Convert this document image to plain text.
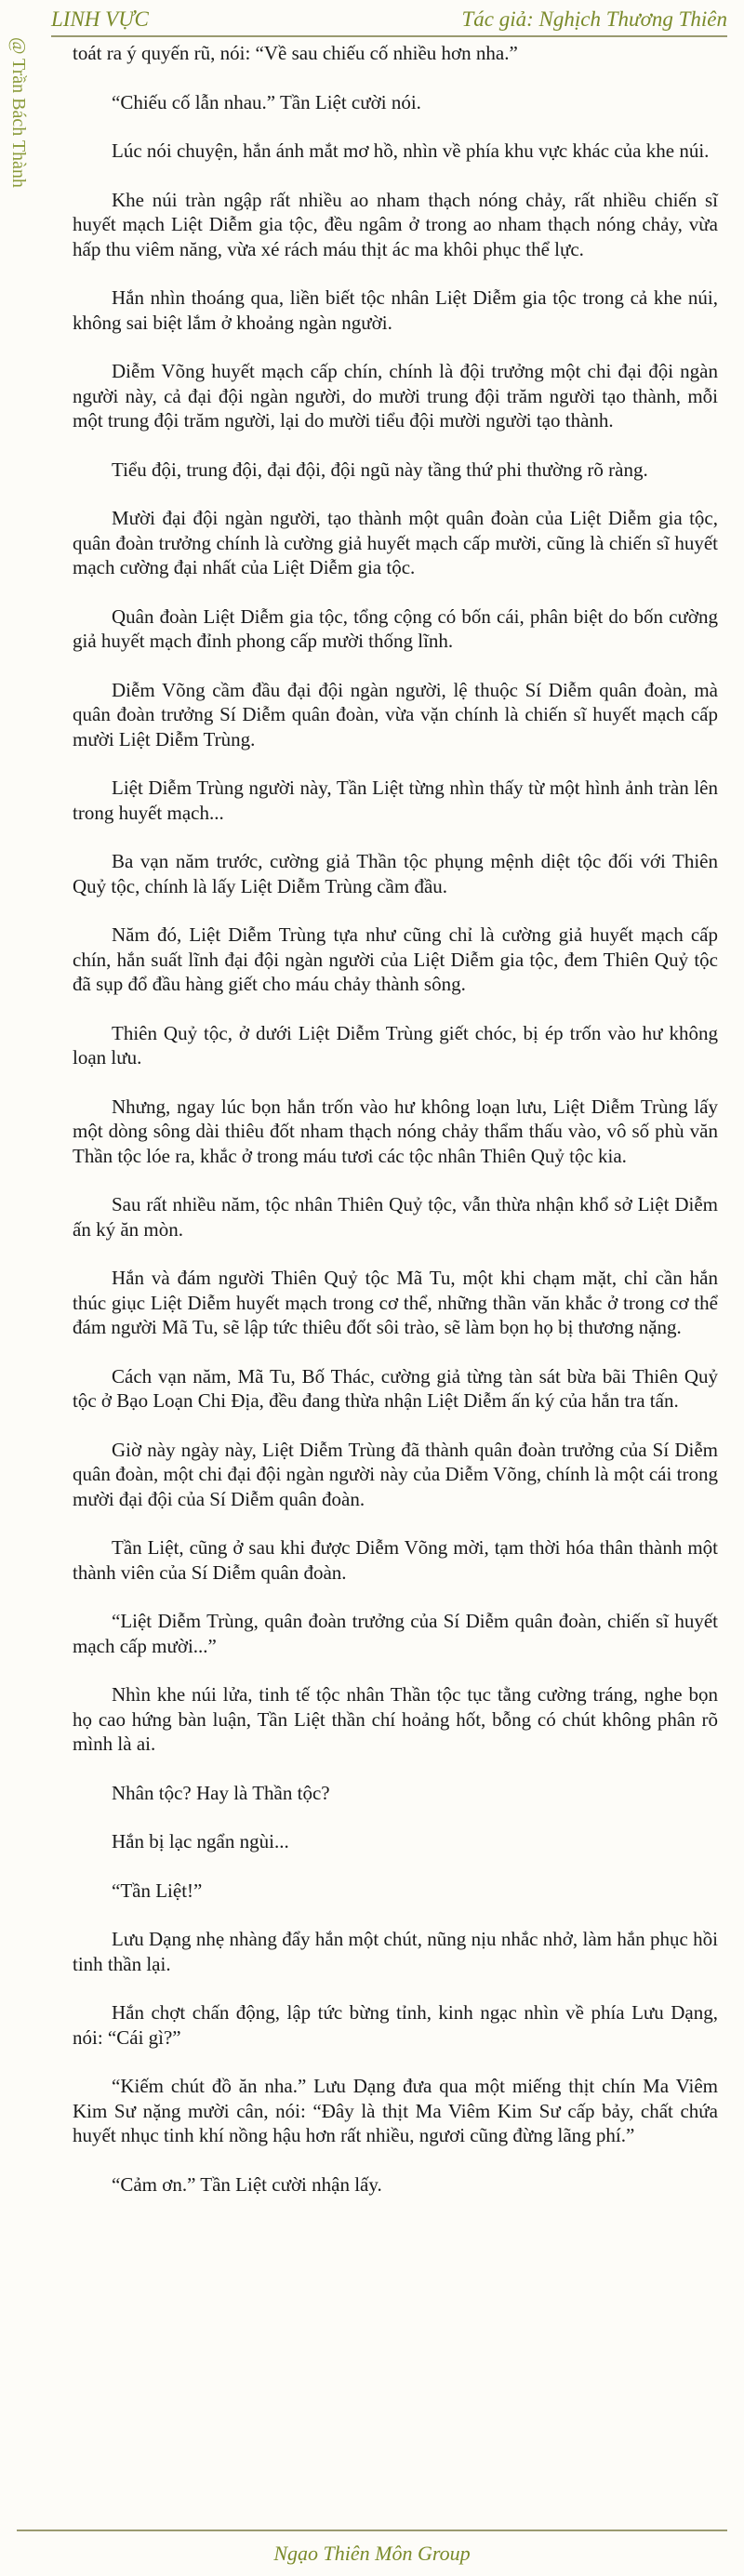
LINH VỰC	Tác giả: Nghịch Thương Thiên
@ Trần Bách Thành toát ra ý quyến rũ, nói: “Về sau chiếu cố nhiều hơn nha.”

“Chiếu cố lẫn nhau.” Tần Liệt cười nói.

Lúc nói chuyện, hắn ánh mắt mơ hồ, nhìn về phía khu vực khác của khe núi.

Khe núi tràn ngập rất nhiều ao nham thạch nóng chảy, rất nhiều chiến sĩ huyết mạch Liệt Diễm gia tộc, đều ngâm ở trong ao nham thạch nóng chảy, vừa hấp thu viêm năng, vừa xé rách máu thịt ác ma khôi phục thể lực.

Hắn nhìn thoáng qua, liền biết tộc nhân Liệt Diễm gia tộc trong cả khe núi, không sai biệt lắm ở khoảng ngàn người.

Diễm Võng huyết mạch cấp chín, chính là đội trưởng một chi đại đội ngàn người này, cả đại đội ngàn người, do mười trung đội trăm người tạo thành, mỗi một trung đội trăm người, lại do mười tiểu đội mười người tạo thành.

Tiểu đội, trung đội, đại đội, đội ngũ này tầng thứ phi thường rõ ràng.

Mười đại đội ngàn người, tạo thành một quân đoàn của Liệt Diễm gia tộc, quân đoàn trưởng chính là cường giả huyết mạch cấp mười, cũng là chiến sĩ huyết mạch cường đại nhất của Liệt Diễm gia tộc.

Quân đoàn Liệt Diễm gia tộc, tổng cộng có bốn cái, phân biệt do bốn cường giả huyết mạch đỉnh phong cấp mười thống lĩnh.

Diễm Võng cầm đầu đại đội ngàn người, lệ thuộc Sí Diễm quân đoàn, mà quân đoàn trưởng Sí Diễm quân đoàn, vừa vặn chính là chiến sĩ huyết mạch cấp mười Liệt Diễm Trùng.

Liệt Diễm Trùng người này, Tần Liệt từng nhìn thấy từ một hình ảnh tràn lên trong huyết mạch...

Ba vạn năm trước, cường giả Thần tộc phụng mệnh diệt tộc đối với Thiên Quỷ tộc, chính là lấy Liệt Diễm Trùng cầm đầu.

Năm đó, Liệt Diễm Trùng tựa như cũng chỉ là cường giả huyết mạch cấp chín, hắn suất lĩnh đại đội ngàn người của Liệt Diễm gia tộc, đem Thiên Quỷ tộc đã sụp đổ đầu hàng giết cho máu chảy thành sông.

Thiên Quỷ tộc, ở dưới Liệt Diễm Trùng giết chóc, bị ép trốn vào hư không loạn lưu.

Nhưng, ngay lúc bọn hắn trốn vào hư không loạn lưu, Liệt Diễm Trùng lấy một dòng sông dài thiêu đốt nham thạch nóng chảy thẩm thấu vào, vô số phù văn Thần tộc lóe ra, khắc ở trong máu tươi các tộc nhân Thiên Quỷ tộc kia.

Sau rất nhiều năm, tộc nhân Thiên Quỷ tộc, vẫn thừa nhận khổ sở Liệt Diễm ấn ký ăn mòn.

Hắn và đám người Thiên Quỷ tộc Mã Tu, một khi chạm mặt, chỉ cần hắn thúc giục Liệt Diễm huyết mạch trong cơ thể, những thần văn khắc ở trong cơ thể đám người Mã Tu, sẽ lập tức thiêu đốt sôi trào, sẽ làm bọn họ bị thương nặng.

Cách vạn năm, Mã Tu, Bố Thác, cường giả từng tàn sát bừa bãi Thiên Quỷ tộc ở Bạo Loạn Chi Địa, đều đang thừa nhận Liệt Diễm ấn ký của hắn tra tấn.

Giờ này ngày này, Liệt Diễm Trùng đã thành quân đoàn trưởng của Sí Diễm quân đoàn, một chi đại đội ngàn người này của Diễm Võng, chính là một cái trong mười đại đội của Sí Diễm quân đoàn.

Tần Liệt, cũng ở sau khi được Diễm Võng mời, tạm thời hóa thân thành một thành viên của Sí Diễm quân đoàn.

“Liệt Diễm Trùng, quân đoàn trưởng của Sí Diễm quân đoàn, chiến sĩ huyết mạch cấp mười...”

Nhìn khe núi lửa, tinh tế tộc nhân Thần tộc tục tằng cường tráng, nghe bọn họ cao hứng bàn luận, Tần Liệt thần chí hoảng hốt, bỗng có chút không phân rõ mình là ai.

Nhân tộc? Hay là Thần tộc?

Hắn bị lạc ngẩn ngùi...

“Tần Liệt!”

Lưu Dạng nhẹ nhàng đẩy hắn một chút, nũng nịu nhắc nhở, làm hắn phục hồi tinh thần lại.

Hắn chợt chấn động, lập tức bừng tỉnh, kinh ngạc nhìn về phía Lưu Dạng, nói: “Cái gì?”

“Kiếm chút đồ ăn nha.” Lưu Dạng đưa qua một miếng thịt chín Ma Viêm Kim Sư nặng mười cân, nói: “Đây là thịt Ma Viêm Kim Sư cấp bảy, chất chứa huyết nhục tinh khí nồng hậu hơn rất nhiều, ngươi cũng đừng lãng phí.”

“Cảm ơn.” Tần Liệt cười nhận lấy.

Ngạo Thiên Môn Group
